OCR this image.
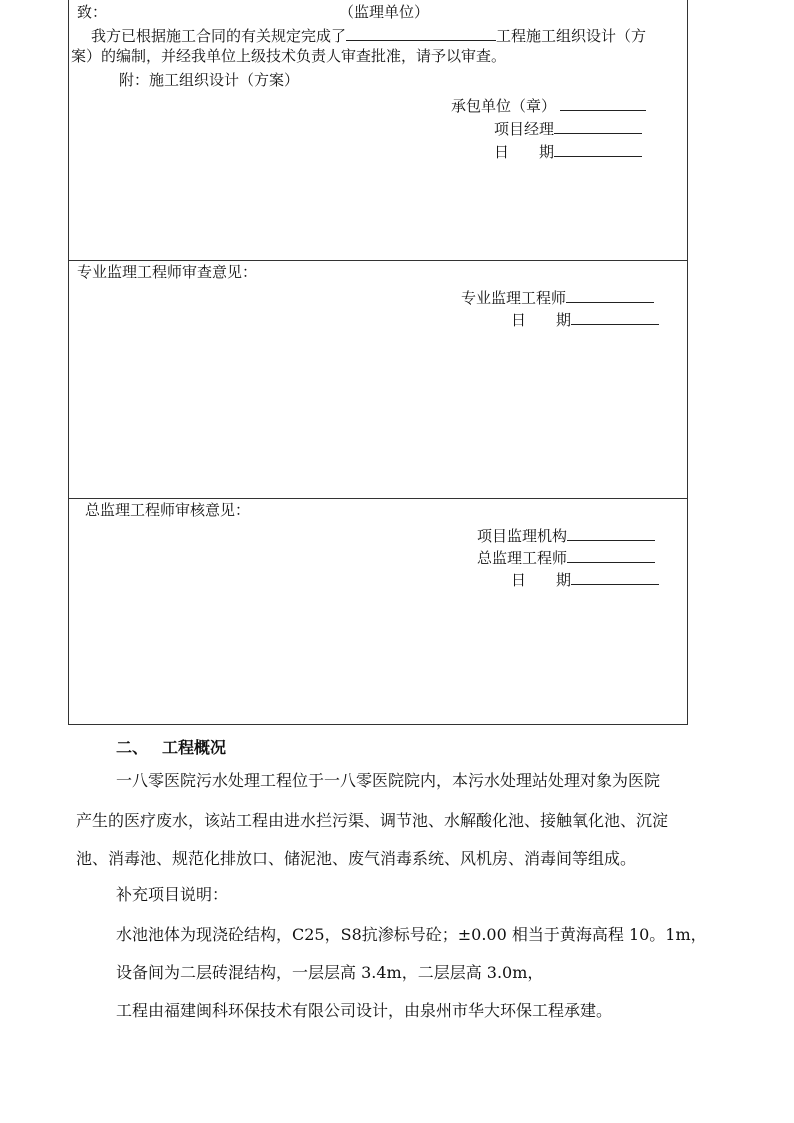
致：	（监理单位）
我方已根据施工合同的有关规定完成了	工程施工组织设计（方
案）的编制，并经我单位上级技术负责人审查批准，请予以审查。
附：施工组织设计（方案）
承包单位（章）
项目经理
日　　期
专业监理工程师审查意见：
专业监理工程师
日　　期
总监理工程师审核意见：
项目监理机构
总监理工程师
日　　期
二、 工程概况
一八零医院污水处理工程位于一八零医院院内，本污水处理站处理对象为医院
产生的医疗废水，该站工程由进水拦污渠、调节池、水解酸化池、接触氧化池、沉淀
池、消毒池、规范化排放口、储泥池、废气消毒系统、风机房、消毒间等组成。
补充项目说明：
水池池体为现浇砼结构，C25，S8抗渗标号砼；±0.00 相当于黄海高程 10。1m，
设备间为二层砖混结构，一层层高 3.4m，二层层高 3.0m，
工程由福建闽科环保技术有限公司设计，由泉州市华大环保工程承建。
